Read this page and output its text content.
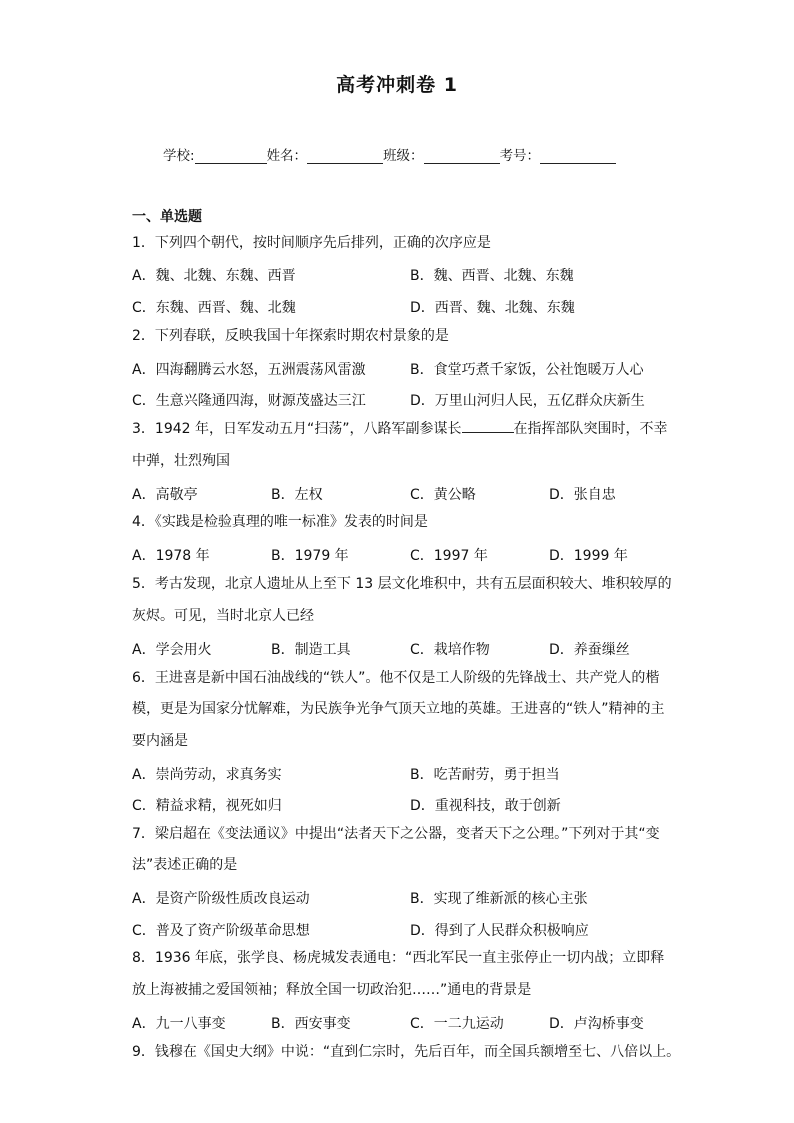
高考冲刺卷 1
学校:	姓名：	班级：	考号：
一、单选题
1．下列四个朝代，按时间顺序先后排列，正确的次序应是
A．魏、北魏、东魏、西晋	B．魏、西晋、北魏、东魏
C．东魏、西晋、魏、北魏	D．西晋、魏、北魏、东魏
2．下列春联，反映我国十年探索时期农村景象的是
A．四海翻腾云水怒，五洲震荡风雷激	B．食堂巧煮千家饭，公社饱暖万人心
C．生意兴隆通四海，财源茂盛达三江	D．万里山河归人民，五亿群众庆新生
3．1942 年，日军发动五月“扫荡”，八路军副参谋长	在指挥部队突围时，不幸
中弹，壮烈殉国
A．高敬亭	B．左权	C．黄公略	D．张自忠
4．《实践是检验真理的唯一标准》发表的时间是
A．1978 年	B．1979 年	C．1997 年	D．1999 年
5．考古发现，北京人遗址从上至下 13 层文化堆积中，共有五层面积较大、堆积较厚的
灰烬。可见，当时北京人已经
A．学会用火	B．制造工具	C．栽培作物	D．养蚕缫丝
6．王进喜是新中国石油战线的“铁人”。他不仅是工人阶级的先锋战士、共产党人的楷
模，更是为国家分忧解难，为民族争光争气顶天立地的英雄。王进喜的“铁人”精神的主
要内涵是
A．崇尚劳动，求真务实	B．吃苦耐劳，勇于担当
C．精益求精，视死如归	D．重视科技，敢于创新
7．梁启超在《变法通议》中提出“法者天下之公器，变者天下之公理。”下列对于其“变
法”表述正确的是
A．是资产阶级性质改良运动	B．实现了维新派的核心主张
C．普及了资产阶级革命思想	D．得到了人民群众积极响应
8．1936 年底，张学良、杨虎城发表通电：“西北军民一直主张停止一切内战；立即释
放上海被捕之爱国领袖；释放全国一切政治犯……”通电的背景是
A．九一八事变	B．西安事变	C．一二九运动	D．卢沟桥事变
9．钱穆在《国史大纲》中说：“直到仁宗时，先后百年，而全国兵额增至七、八倍以上。
